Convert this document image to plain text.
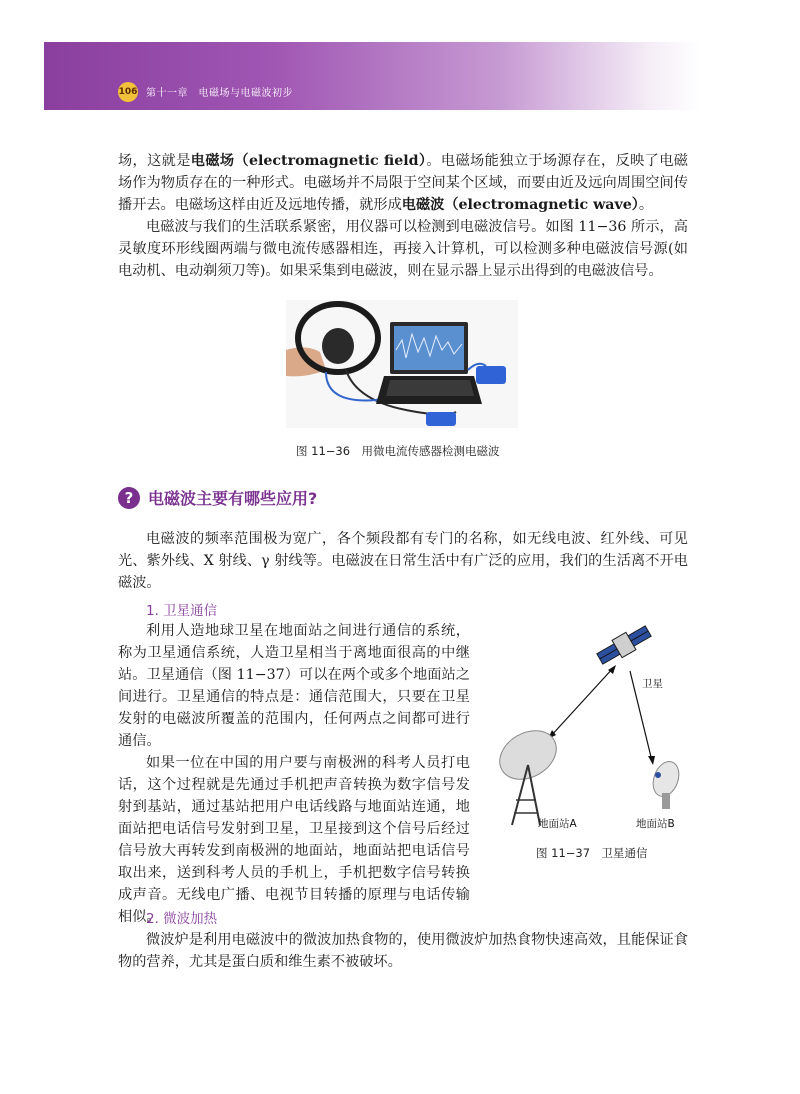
106 第十一章　电磁场与电磁波初步

场，这就是电磁场（electromagnetic field）。电磁场能独立于场源存在，反映了电磁场作为物质存在的一种形式。电磁场并不局限于空间某个区域，而要由近及远向周围空间传播开去。电磁场这样由近及远地传播，就形成电磁波（electromagnetic wave）。

电磁波与我们的生活联系紧密，用仪器可以检测到电磁波信号。如图 11−36 所示，高灵敏度环形线圈两端与微电流传感器相连，再接入计算机，可以检测多种电磁波信号源(如电动机、电动剃须刀等)。如果采集到电磁波，则在显示器上显示出得到的电磁波信号。

图 11−36　用微电流传感器检测电磁波
? 电磁波主要有哪些应用?

电磁波的频率范围极为宽广，各个频段都有专门的名称，如无线电波、红外线、可见光、紫外线、X 射线、γ 射线等。电磁波在日常生活中有广泛的应用，我们的生活离不开电磁波。

1. 卫星通信

利用人造地球卫星在地面站之间进行通信的系统，称为卫星通信系统，人造卫星相当于离地面很高的中继站。卫星通信（图 11−37）可以在两个或多个地面站之间进行。卫星通信的特点是：通信范围大，只要在卫星发射的电磁波所覆盖的范围内，任何两点之间都可进行通信。

如果一位在中国的用户要与南极洲的科考人员打电话，这个过程就是先通过手机把声音转换为数字信号发射到基站，通过基站把用户电话线路与地面站连通，地面站把电话信号发射到卫星，卫星接到这个信号后经过信号放大再转发到南极洲的地面站，地面站把电话信号取出来，送到科考人员的手机上，手机把数字信号转换成声音。无线电广播、电视节目转播的原理与电话传输相似。

卫星
地面站A	地面站B
图 11−37　卫星通信
2. 微波加热

微波炉是利用电磁波中的微波加热食物的，使用微波炉加热食物快速高效，且能保证食物的营养，尤其是蛋白质和维生素不被破坏。
